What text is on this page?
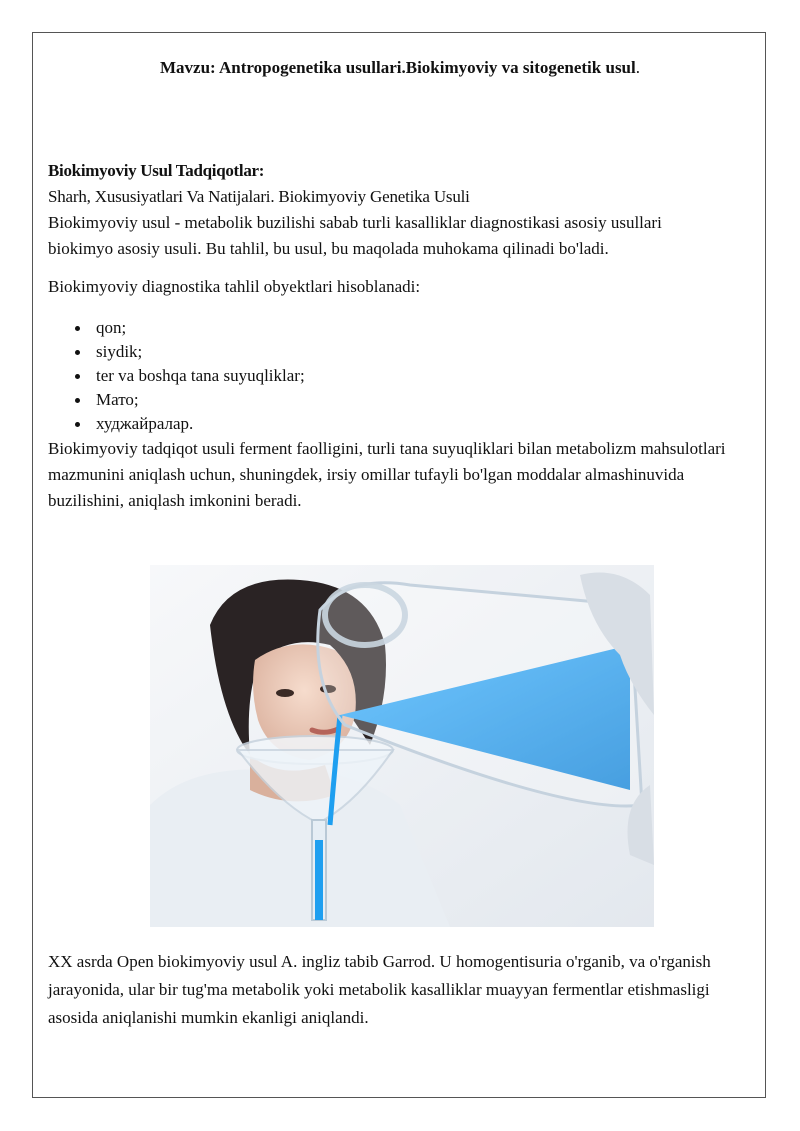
Mavzu: Antropogenetika usullari.Biokimyoviy va sitogenetik usul.

Biokimyoviy Usul Tadqiqotlar:

Sharh, Xususiyatlari Va Natijalari. Biokimyoviy Genetika Usuli

Biokimyoviy usul - metabolik buzilishi sabab turli kasalliklar diagnostikasi asosiy usullari biokimyo asosiy usuli. Bu tahlil, bu usul, bu maqolada muhokama qilinadi bo'ladi.

Biokimyoviy diagnostika tahlil obyektlari hisoblanadi:

qon;
siydik;
ter va boshqa tana suyuqliklar;
Мато;
худжайралар.

Biokimyoviy tadqiqot usuli ferment faolligini, turli tana suyuqliklari bilan metabolizm mahsulotlari mazmunini aniqlash uchun, shuningdek, irsiy omillar tufayli bo'lgan moddalar almashinuvida buzilishini, aniqlash imkonini beradi.

XX asrda Open biokimyoviy usul A. ingliz tabib Garrod. U homogentisuria o'rganib, va o'rganish jarayonida, ular bir tug'ma metabolik yoki metabolik kasalliklar muayyan fermentlar etishmasligi asosida aniqlanishi mumkin ekanligi aniqlandi.
